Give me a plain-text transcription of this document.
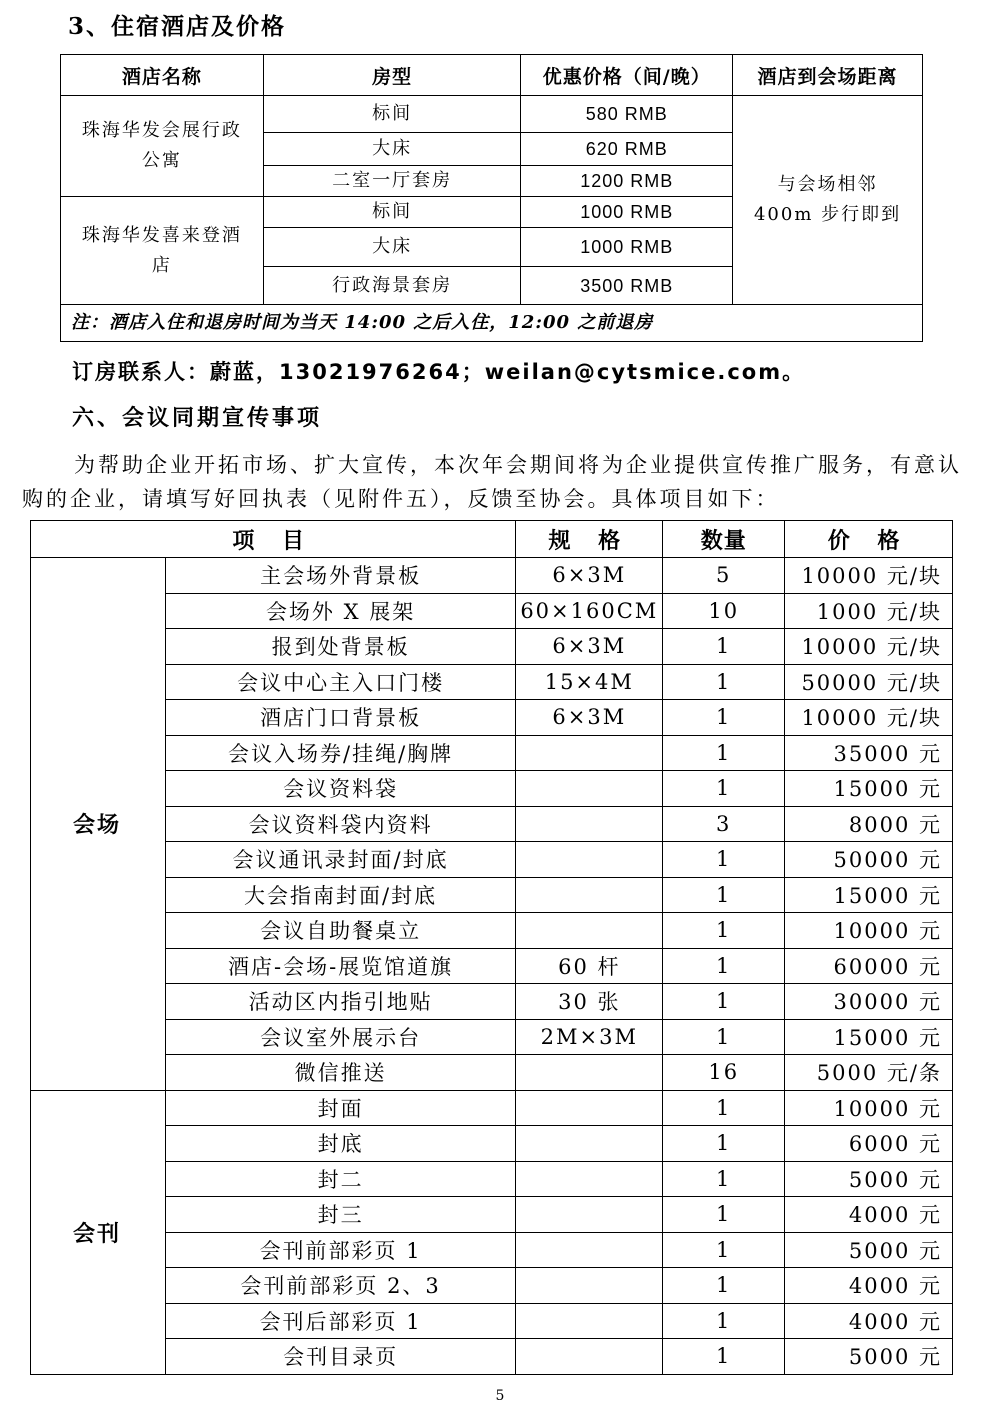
3、住宿酒店及价格
酒店名称	房型	优惠价格（间/晚）	酒店到会场距离
珠海华发会展行政公寓	标间	580 RMB	与会场相邻 400m 步行即到
	大床	620 RMB	
	二室一厅套房	1200 RMB	
珠海华发喜来登酒店	标间	1000 RMB	
	大床	1000 RMB	
	行政海景套房	3500 RMB	
注：酒店入住和退房时间为当天 14:00 之后入住，12:00 之前退房			
订房联系人：蔚蓝，13021976264；weilan@cytsmice.com。
六、会议同期宣传事项
为帮助企业开拓市场、扩大宣传，本次年会期间将为企业提供宣传推广服务，有意认购的企业，请填写好回执表（见附件五），反馈至协会。具体项目如下：
项 目		规 格	数量	价 格
会场	主会场外背景板	6×3M	5	10000 元/块
	会场外 X 展架	60×160CM	10	1000 元/块
	报到处背景板	6×3M	1	10000 元/块
	会议中心主入口门楼	15×4M	1	50000 元/块
	酒店门口背景板	6×3M	1	10000 元/块
	会议入场券/挂绳/胸牌		1	35000 元
	会议资料袋		1	15000 元
	会议资料袋内资料		3	8000 元
	会议通讯录封面/封底		1	50000 元
	大会指南封面/封底		1	15000 元
	会议自助餐桌立		1	10000 元
	酒店-会场-展览馆道旗	60 杆	1	60000 元
	活动区内指引地贴	30 张	1	30000 元
	会议室外展示台	2M×3M	1	15000 元
	微信推送		16	5000 元/条
会刊	封面		1	10000 元
	封底		1	6000 元
	封二		1	5000 元
	封三		1	4000 元
	会刊前部彩页 1		1	5000 元
	会刊前部彩页 2、3		1	4000 元
	会刊后部彩页 1		1	4000 元
	会刊目录页		1	5000 元
5
